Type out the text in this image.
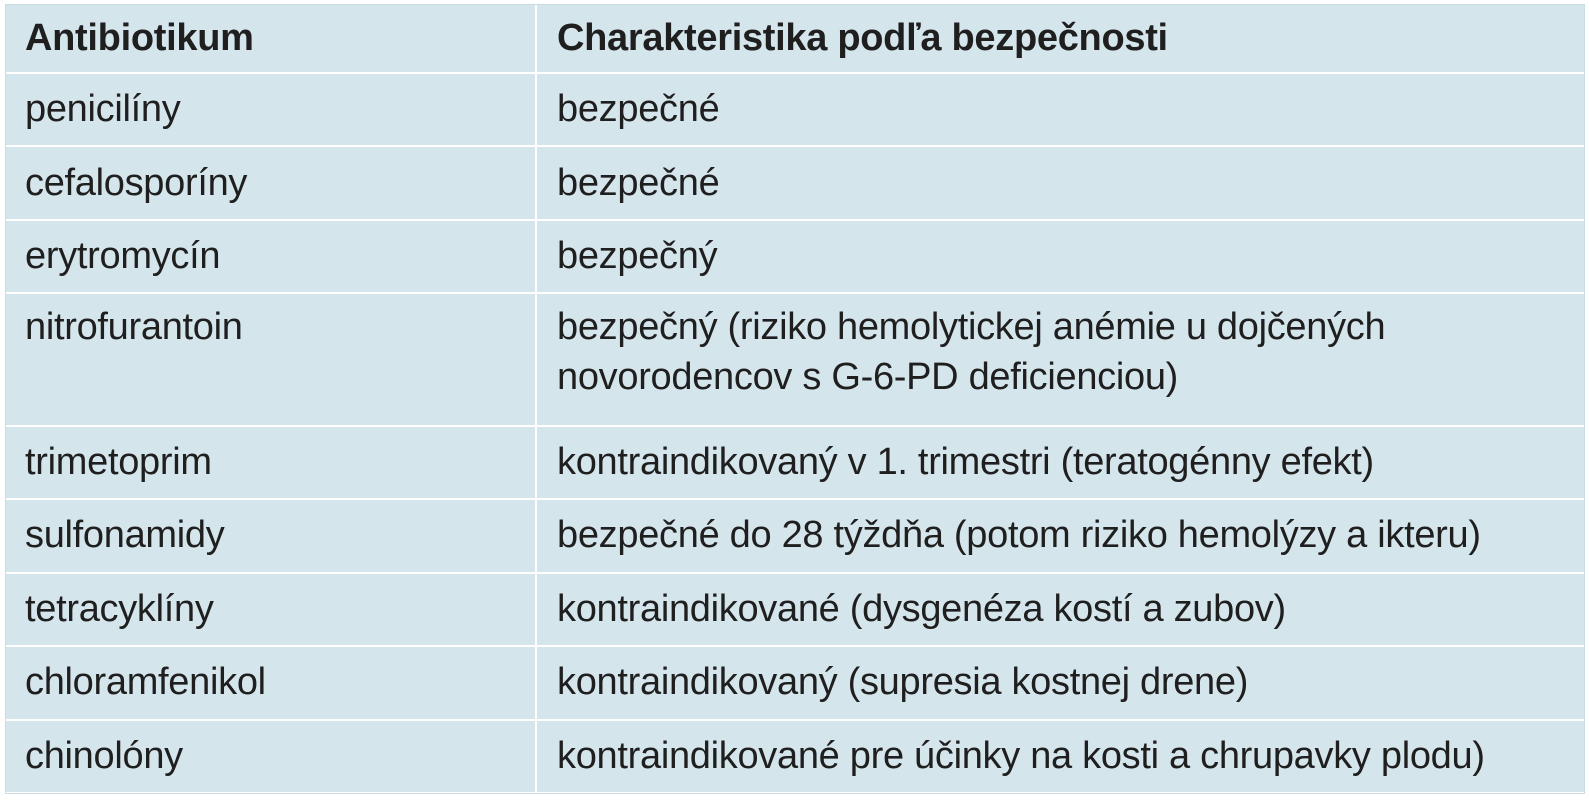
Antibiotikum	Charakteristika podľa bezpečnosti
penicilíny	bezpečné

cefalosporíny	bezpečné

erytromycín	bezpečný

nitrofurantoin	bezpečný (riziko hemolytickej anémie u dojčených
novorodencov s G-6-PD deficienciou)

trimetoprim	kontraindikovaný v 1. trimestri (teratogénny efekt)

sulfonamidy	bezpečné do 28 týždňa (potom riziko hemolýzy a ikteru)

tetracyklíny	kontraindikované (dysgenéza kostí a zubov)

chloramfenikol	kontraindikovaný (supresia kostnej drene)

chinolóny	kontraindikované pre účinky na kosti a chrupavky plodu)
